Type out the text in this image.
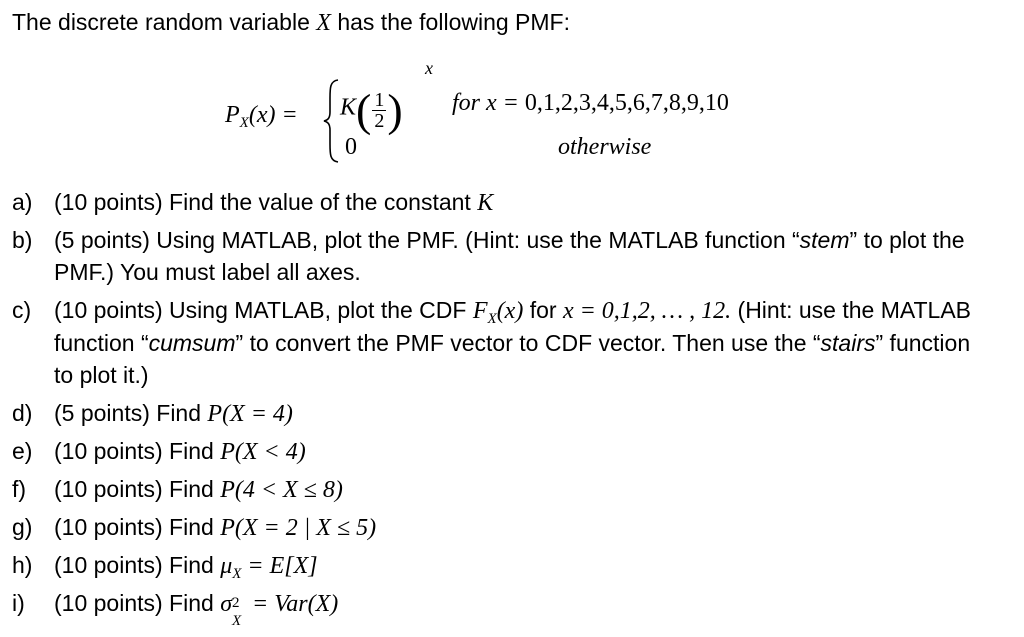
The discrete random variable X has the following PMF:
$P_X(x) = K( \frac{1}{2}$ )
x
for x = 0,1,2,3,4,5,6,7,8,9,10
0	otherwise
a) (10 points) Find the value of the constant K
b) (5 points) Using MATLAB, plot the PMF. (Hint: use the MATLAB function “stem” to plot the PMF.) You must label all axes.
c) (10 points) Using MATLAB, plot the CDF $F_X(x)$ for x = 0,1,2, … , 12. (Hint: use the MATLAB function “cumsum” to convert the PMF vector to CDF vector. Then use the “stairs” function to plot it.)
d) (5 points) Find P(X = 4)
e) (10 points) Find P(X < 4)
f) (10 points) Find P(4 < X ≤ 8)
g) (10 points) Find P(X = 2 | X ≤ 5)
h) (10 points) Find $\mu_X = E[X]$
i) (10 points) Find σ 2
X
= Var(X)
